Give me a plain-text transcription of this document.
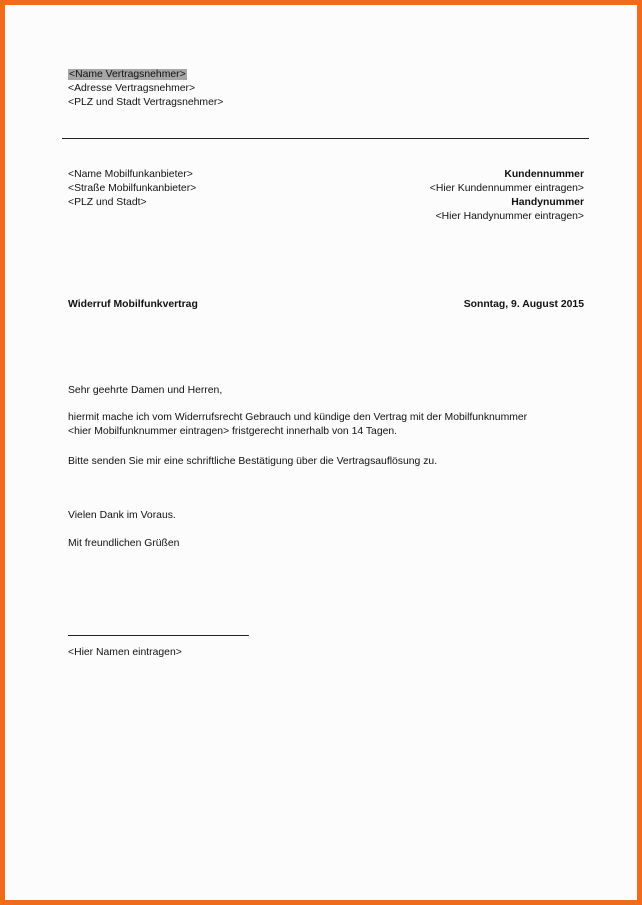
<Name Vertragsnehmer>
<Adresse Vertragsnehmer>
<PLZ und Stadt Vertragsnehmer>
<Name Mobilfunkanbieter>
<Straße Mobilfunkanbieter>
<PLZ und Stadt>
Kundennummer
<Hier Kundennummer eintragen>
Handynummer
<Hier Handynummer eintragen>
Widerruf Mobilfunkvertrag	Sonntag, 9. August 2015
Sehr geehrte Damen und Herren,
hiermit mache ich vom Widerrufsrecht Gebrauch und kündige den Vertrag mit der Mobilfunknummer
<hier Mobilfunknummer eintragen> fristgerecht innerhalb von 14 Tagen.
Bitte senden Sie mir eine schriftliche Bestätigung über die Vertragsauflösung zu.
Vielen Dank im Voraus.
Mit freundlichen Grüßen
<Hier Namen eintragen>
